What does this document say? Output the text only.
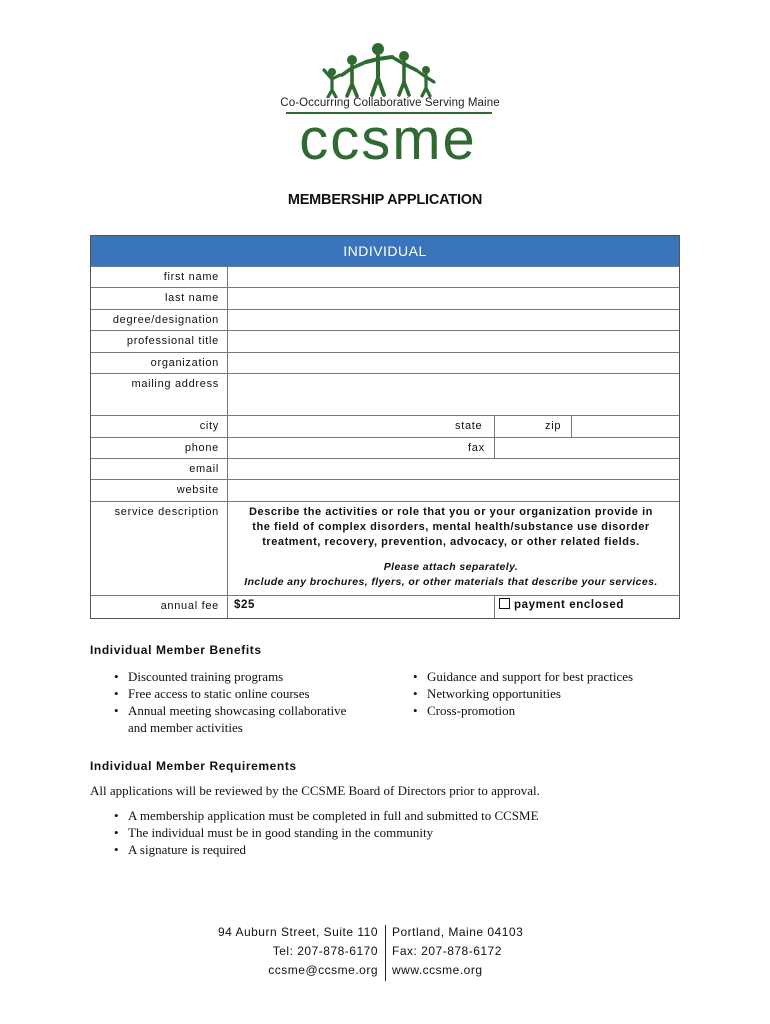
Co-Occurring Collaborative Serving Maine
ccsme
MEMBERSHIP APPLICATION
INDIVIDUAL
first name
last name
degree/designation
professional title
organization
mailing address
city
phone
email
website
service description
annual fee
state	zip
fax
Describe the activities or role that you or your organization provide in
the field of complex disorders, mental health/substance use disorder
treatment, recovery, prevention, advocacy, or other related fields.
Please attach separately.
Include any brochures, flyers, or other materials that describe your services.
$25	payment enclosed
Individual Member Benefits
• Discounted training programs
• Free access to static online courses
• Annual meeting showcasing collaborative
and member activities
• Guidance and support for best practices
• Networking opportunities
• Cross-promotion
Individual Member Requirements
All applications will be reviewed by the CCSME Board of Directors prior to approval.
• A membership application must be completed in full and submitted to CCSME
• The individual must be in good standing in the community
• A signature is required
94 Auburn Street, Suite 110
Tel: 207-878-6170
ccsme@ccsme.org
Portland, Maine 04103
Fax: 207-878-6172
www.ccsme.org
